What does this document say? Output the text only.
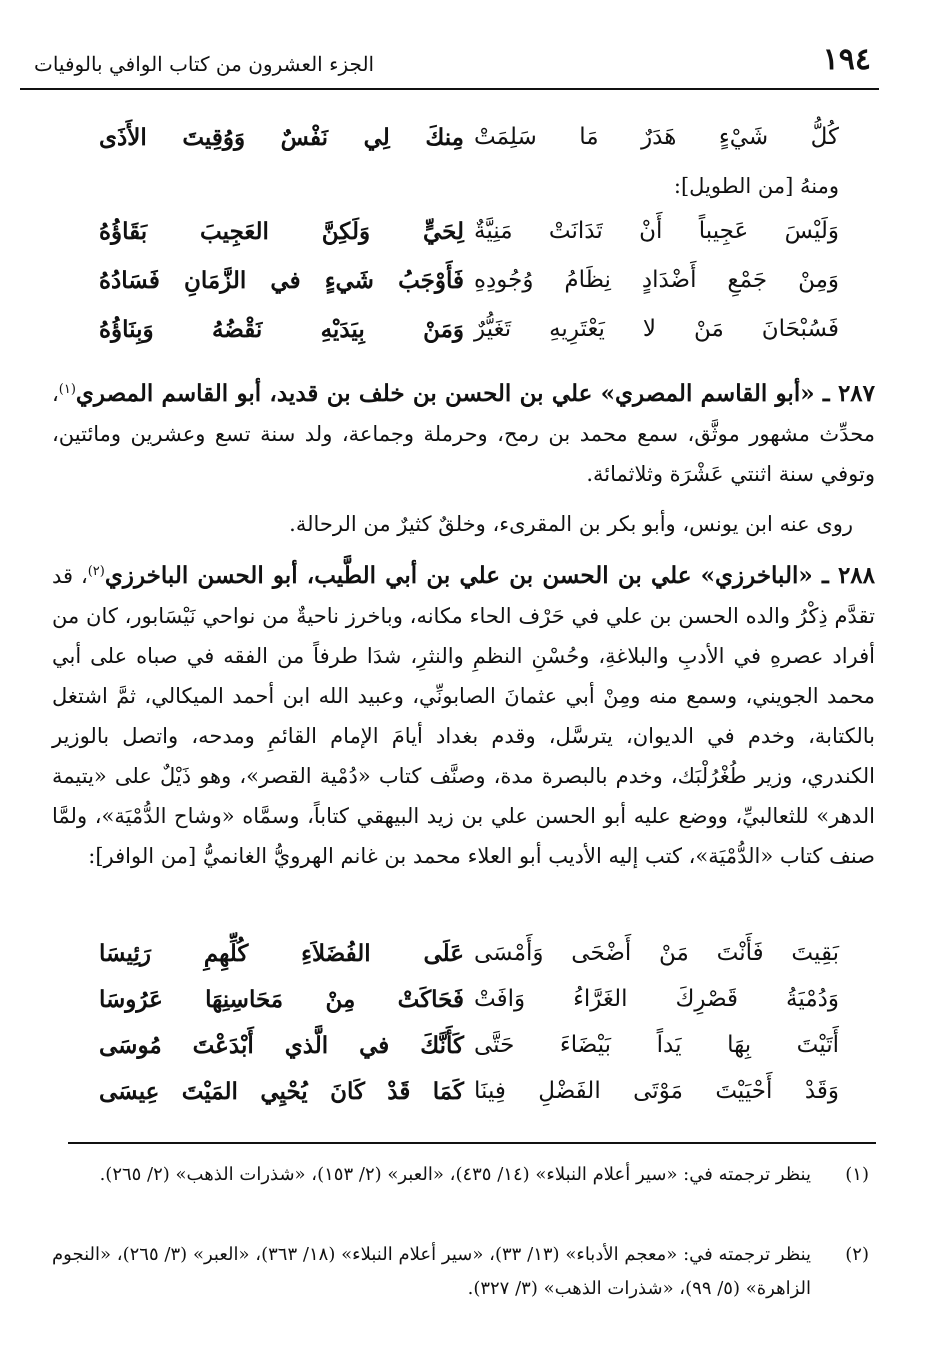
١٩٤
الجزء العشرون من كتاب الوافي بالوفيات
كُلُّ شَيْءٍ هَدَرٌ مَا سَلِمَتْ
مِنكَ لِي نَفْسٌ وَوُقِيتَ الأَذَى
ومنهُ [من الطويل]:
وَلَيْسَ عَجِيباً أَنْ تَدَانَتْ مَنِيَّةٌ
لِحَيٍّ وَلَكِنَّ العَجِيبَ بَقَاؤُهُ
وَمِنْ جَمْعِ أَضْدَادٍ نِظَامُ وُجُودِهِ
فَأَوْجَبُ شَيءٍ في الزَّمَانِ فَسَادُهُ
فَسُبْحَانَ مَنْ لا يَعْتَرِيهِ تَغَيُّرٌ
وَمَنْ بِيَدَيْهِ نَقْضُهُ وَبِنَاؤُهُ
٢٨٧ ـ «أبو القاسم المصري» علي بن الحسن بن خلف بن قديد، أبو القاسم المصري$^{(١)}$، محدِّث مشهور موثَّق، سمع محمد بن رمح، وحرملة وجماعة، ولد سنة تسع وعشرين ومائتين، وتوفي سنة اثنتي عَشْرَة وثلاثمائة.
روى عنه ابن يونس، وأبو بكر بن المقرىء، وخلقٌ كثيرٌ من الرحالة.
٢٨٨ ـ «الباخرزي» علي بن الحسن بن علي بن أبي الطَّيب، أبو الحسن الباخرزي$^{(٢)}$، قد تقدَّم ذِكْرُ والده الحسن بن علي في حَرْف الحاء مكانه، وباخرز ناحيةٌ من نواحي نَيْسَابور، كان من أفراد عصرهِ في الأدبِ والبلاغةِ، وحُسْنِ النظمِ والنثرِ، شدَا طرفاً من الفقه في صباه على أبي محمد الجويني، وسمع منه ومِنْ أبي عثمانَ الصابونِّي، وعبيد الله ابن أحمد الميكالي، ثمَّ اشتغل بالكتابة، وخدم في الديوان، يترسَّل، وقدم بغداد أيامَ الإمام القائمِ ومدحه، واتصل بالوزير الكندري، وزير طُغْرُلْبَك، وخدم بالبصرة مدة، وصنَّف كتاب «دُمْية القصر»، وهو ذَيْلٌ على «يتيمة الدهر» للثعالبيِّ، ووضع عليه أبو الحسن علي بن زيد البيهقي كتاباً، وسمَّاه «وشاح الدُّمْيَة»، ولمَّا صنف كتاب «الدُّمْيَة»، كتب إليه الأديب أبو العلاء محمد بن غانم الهرويُّ الغانميُّ [من الوافر]:
بَقِيتَ فَأَنْتَ مَنْ أَضْحَى وَأَمْسَى
عَلَى الفُضَلاَءِ كُلِّهِمِ رَئِيسَا
وَدُمْيَةُ قَصْرِكَ الغَرَّاءُ وَافَتْ
فَحَاكَتْ مِنْ مَحَاسِنِهَا عَرُوسَا
أَتَيْتَ بِهَا يَداً بَيْضَاءَ حَتَّى
كَأَنَّكَ في الَّذي أَبْدَعْتَ مُوسَى
وَقَدْ أَحْيَيْتَ مَوْتَى الفَضْلِ فِينَا
كَمَا قَدْ كَانَ يُحْيِي المَيْتَ عِيسَى
(١)
ينظر ترجمته في: «سير أعلام النبلاء» (١٤/ ٤٣٥)، «العبر» (٢/ ١٥٣)، «شذرات الذهب» (٢/ ٢٦٥).
(٢)
ينظر ترجمته في: «معجم الأدباء» (١٣/ ٣٣)، «سير أعلام النبلاء» (١٨/ ٣٦٣)، «العبر» (٣/ ٢٦٥)، «النجوم الزاهرة» (٥/ ٩٩)، «شذرات الذهب» (٣/ ٣٢٧).
